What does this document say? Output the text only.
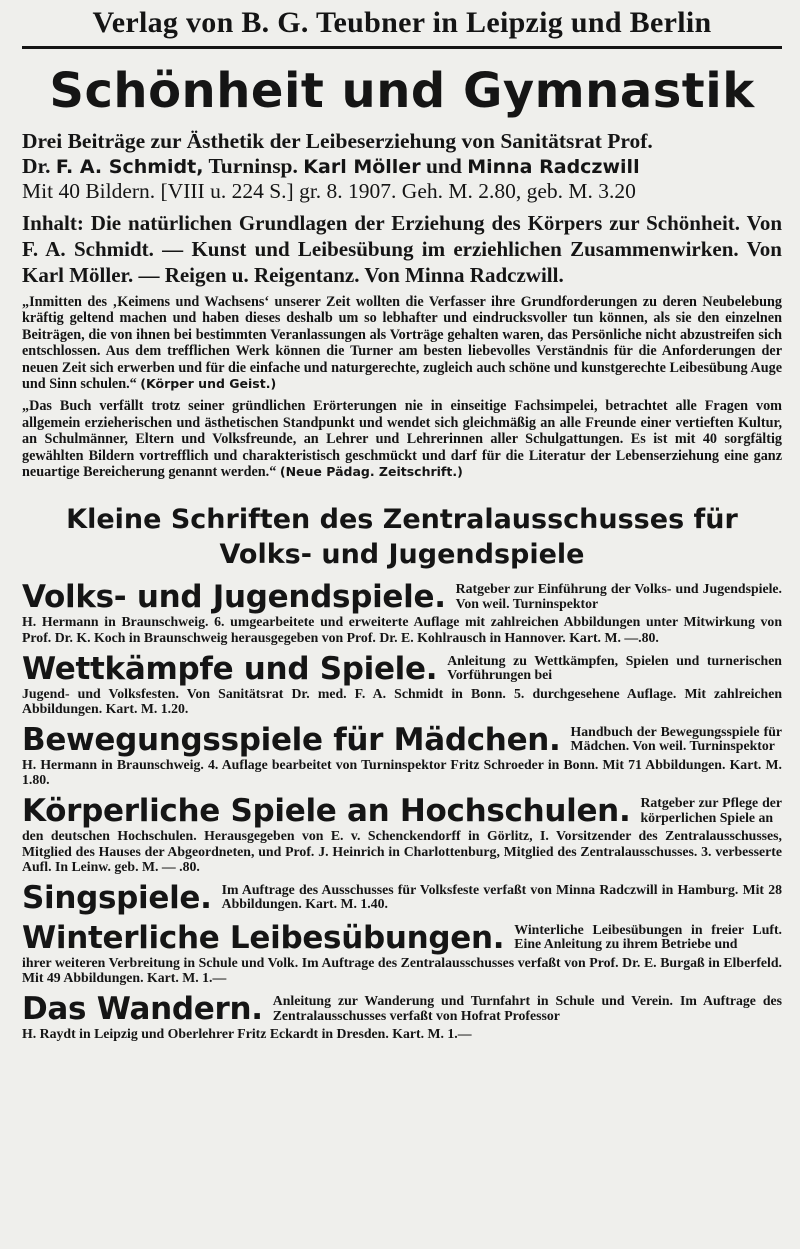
Verlag von B. G. Teubner in Leipzig und Berlin
Schönheit und Gymnastik
Drei Beiträge zur Ästhetik der Leibeserziehung von Sanitätsrat Prof.
Dr. F. A. Schmidt, Turninsp. Karl Möller und Minna Radczwill
Mit 40 Bildern. [VIII u. 224 S.] gr. 8. 1907. Geh. M. 2.80, geb. M. 3.20
Inhalt: Die natürlichen Grundlagen der Erziehung des Körpers zur Schönheit. Von F. A. Schmidt. — Kunst und Leibesübung im erziehlichen Zusammenwirken. Von Karl Möller. — Reigen u. Reigentanz. Von Minna Radczwill.
„Inmitten des ‚Keimens und Wachsens‘ unserer Zeit wollten die Verfasser ihre Grundforderungen zu deren Neubelebung kräftig geltend machen und haben dieses deshalb um so lebhafter und eindrucksvoller tun können, als sie den einzelnen Beiträgen, die von ihnen bei bestimmten Veranlassungen als Vorträge gehalten waren, das Persönliche nicht abzustreifen sich entschlossen. Aus dem trefflichen Werk können die Turner am besten liebevolles Verständnis für die Anforderungen der neuen Zeit sich erwerben und für die einfache und naturgerechte, zugleich auch schöne und kunstgerechte Leibesübung Auge und Sinn schulen.“ (Körper und Geist.)
„Das Buch verfällt trotz seiner gründlichen Erörterungen nie in einseitige Fachsimpelei, betrachtet alle Fragen vom allgemein erzieherischen und ästhetischen Standpunkt und wendet sich gleichmäßig an alle Freunde einer vertieften Kultur, an Schulmänner, Eltern und Volksfreunde, an Lehrer und Lehrerinnen aller Schulgattungen. Es ist mit 40 sorgfältig gewählten Bildern vortrefflich und charakteristisch geschmückt und darf für die Literatur der Lebenserziehung eine ganz neuartige Bereicherung genannt werden.“ (Neue Pädag. Zeitschrift.)
Kleine Schriften des Zentralausschusses für
Volks- und Jugendspiele
Volks- und Jugendspiele. Ratgeber zur Einführung der Volks- und Jugendspiele. Von weil. Turninspektor
H. Hermann in Braunschweig. 6. umgearbeitete und erweiterte Auflage mit zahlreichen Abbildungen unter Mitwirkung von Prof. Dr. K. Koch in Braunschweig herausgegeben von Prof. Dr. E. Kohlrausch in Hannover. Kart. M. —.80.
Wettkämpfe und Spiele. Anleitung zu Wettkämpfen, Spielen und turnerischen Vorführungen bei
Jugend- und Volksfesten. Von Sanitätsrat Dr. med. F. A. Schmidt in Bonn. 5. durchgesehene Auflage. Mit zahlreichen Abbildungen. Kart. M. 1.20.
Bewegungsspiele für Mädchen. Handbuch der Bewegungsspiele für Mädchen. Von weil. Turninspektor
H. Hermann in Braunschweig. 4. Auflage bearbeitet von Turninspektor Fritz Schroeder in Bonn. Mit 71 Abbildungen. Kart. M. 1.80.
Körperliche Spiele an Hochschulen. Ratgeber zur Pflege der körperlichen Spiele an
den deutschen Hochschulen. Herausgegeben von E. v. Schenckendorff in Görlitz, I. Vorsitzender des Zentralausschusses, Mitglied des Hauses der Abgeordneten, und Prof. J. Heinrich in Charlottenburg, Mitglied des Zentralausschusses. 3. verbesserte Aufl. In Leinw. geb. M. — .80.
Singspiele. Im Auftrage des Ausschusses für Volksfeste verfaßt von Minna Radczwill in Hamburg. Mit 28 Abbildungen. Kart. M. 1.40.
Winterliche Leibesübungen. Winterliche Leibesübungen in freier Luft. Eine Anleitung zu ihrem Betriebe und
ihrer weiteren Verbreitung in Schule und Volk. Im Auftrage des Zentralausschusses verfaßt von Prof. Dr. E. Burgaß in Elberfeld. Mit 49 Abbildungen. Kart. M. 1.—
Das Wandern. Anleitung zur Wanderung und Turnfahrt in Schule und Verein. Im Auftrage des Zentralausschusses verfaßt von Hofrat Professor
H. Raydt in Leipzig und Oberlehrer Fritz Eckardt in Dresden. Kart. M. 1.—
